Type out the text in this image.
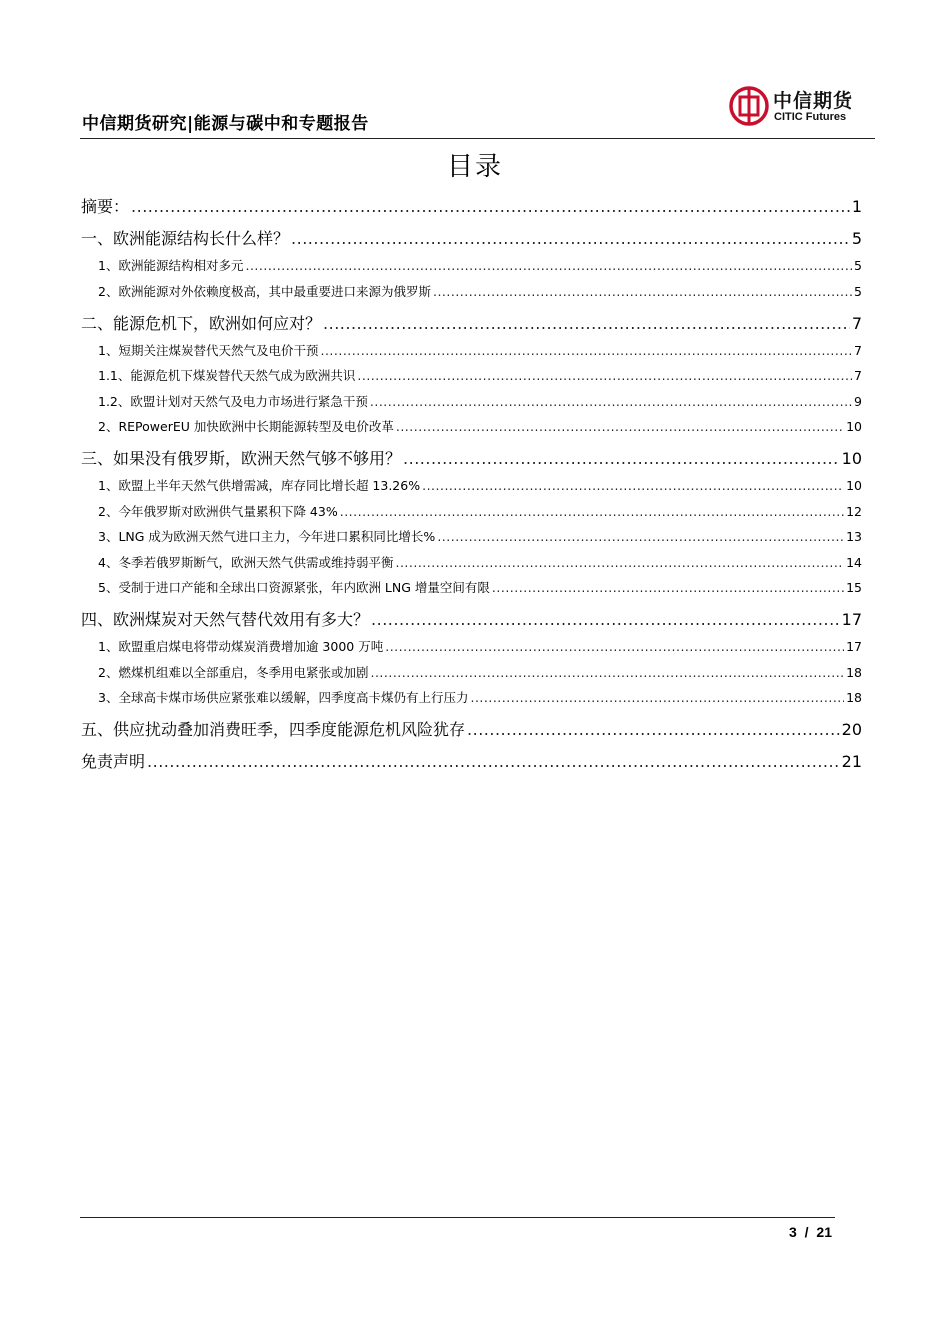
中信期货研究|能源与碳中和专题报告
中信期货
CITIC Futures
目录
摘要： .....	1
一、欧洲能源结构长什么样？ .....	5
1、欧洲能源结构相对多元 .....	5
2、欧洲能源对外依赖度极高，其中最重要进口来源为俄罗斯 .....	5
二、能源危机下，欧洲如何应对？ .....	7
1、短期关注煤炭替代天然气及电价干预 .....	7
1.1、能源危机下煤炭替代天然气成为欧洲共识 .....	7
1.2、欧盟计划对天然气及电力市场进行紧急干预 .....	9
2、REPowerEU 加快欧洲中长期能源转型及电价改革 .....	10
三、如果没有俄罗斯，欧洲天然气够不够用？ .....	10
1、欧盟上半年天然气供增需减，库存同比增长超 13.26% .....	10
2、今年俄罗斯对欧洲供气量累积下降 43% .....	12
3、LNG 成为欧洲天然气进口主力，今年进口累积同比增长% .....	13
4、冬季若俄罗斯断气，欧洲天然气供需或维持弱平衡 .....	14
5、受制于进口产能和全球出口资源紧张，年内欧洲 LNG 增量空间有限 .....	15
四、欧洲煤炭对天然气替代效用有多大？ .....	17
1、欧盟重启煤电将带动煤炭消费增加逾 3000 万吨 .....	17
2、燃煤机组难以全部重启，冬季用电紧张或加剧 .....	18
3、全球高卡煤市场供应紧张难以缓解，四季度高卡煤仍有上行压力 .....	18
五、供应扰动叠加消费旺季，四季度能源危机风险犹存 .....	20
免责声明 .....	21
3 / 21
